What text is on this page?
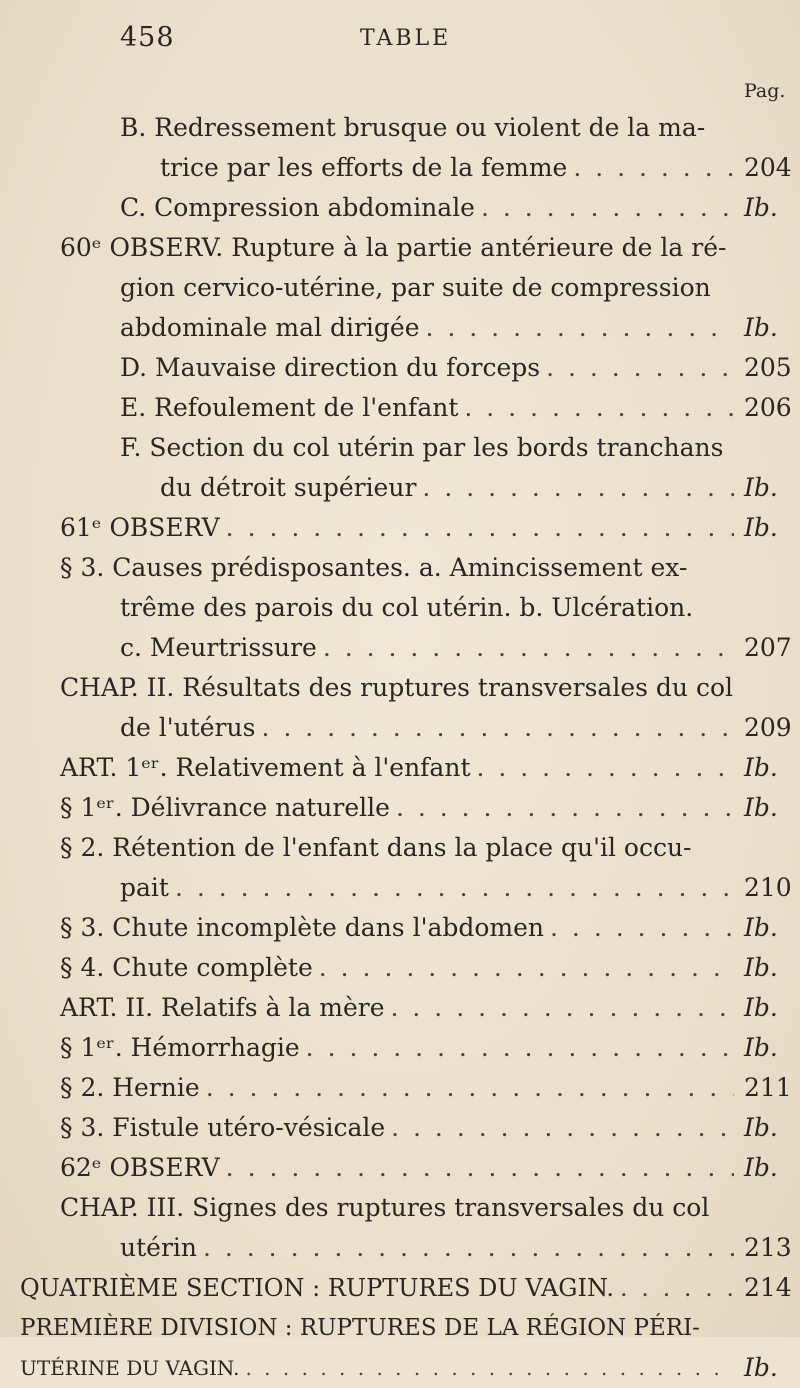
458	TABLE
Pag.
B. Redressement brusque ou violent de la ma-
trice par les efforts de la femme . . .	204
C. Compression abdominale . . .	Ib.
60ᵉ OBSERV. Rupture à la partie antérieure de la ré-
gion cervico-utérine, par suite de compression
abdominale mal dirigée . . .	Ib.
D. Mauvaise direction du forceps . . .	205
E. Refoulement de l'enfant . . .	206
F. Section du col utérin par les bords tranchans
du détroit supérieur . . .	Ib.
61ᵉ OBSERV . . .	Ib.
§ 3. Causes prédisposantes. a. Amincissement ex-
trême des parois du col utérin. b. Ulcération.
c. Meurtrissure . . .	207
CHAP. II. Résultats des ruptures transversales du col
de l'utérus . . .	209
ART. 1ᵉʳ. Relativement à l'enfant . . .	Ib.
§ 1ᵉʳ. Délivrance naturelle . . .	Ib.
§ 2. Rétention de l'enfant dans la place qu'il occu-
pait . . .	210
§ 3. Chute incomplète dans l'abdomen . . .	Ib.
§ 4. Chute complète . . .	Ib.
ART. II. Relatifs à la mère . . .	Ib.
§ 1ᵉʳ. Hémorrhagie . . .	Ib.
§ 2. Hernie . . .	211
§ 3. Fistule utéro-vésicale . . .	Ib.
62ᵉ OBSERV . . .	Ib.
CHAP. III. Signes des ruptures transversales du col
utérin . . .	213
QUATRIÈME SECTION : RUPTURES DU VAGIN. . . .	214
PREMIÈRE DIVISION : RUPTURES DE LA RÉGION PÉRI-
UTÉRINE DU VAGIN. . . .	Ib.
